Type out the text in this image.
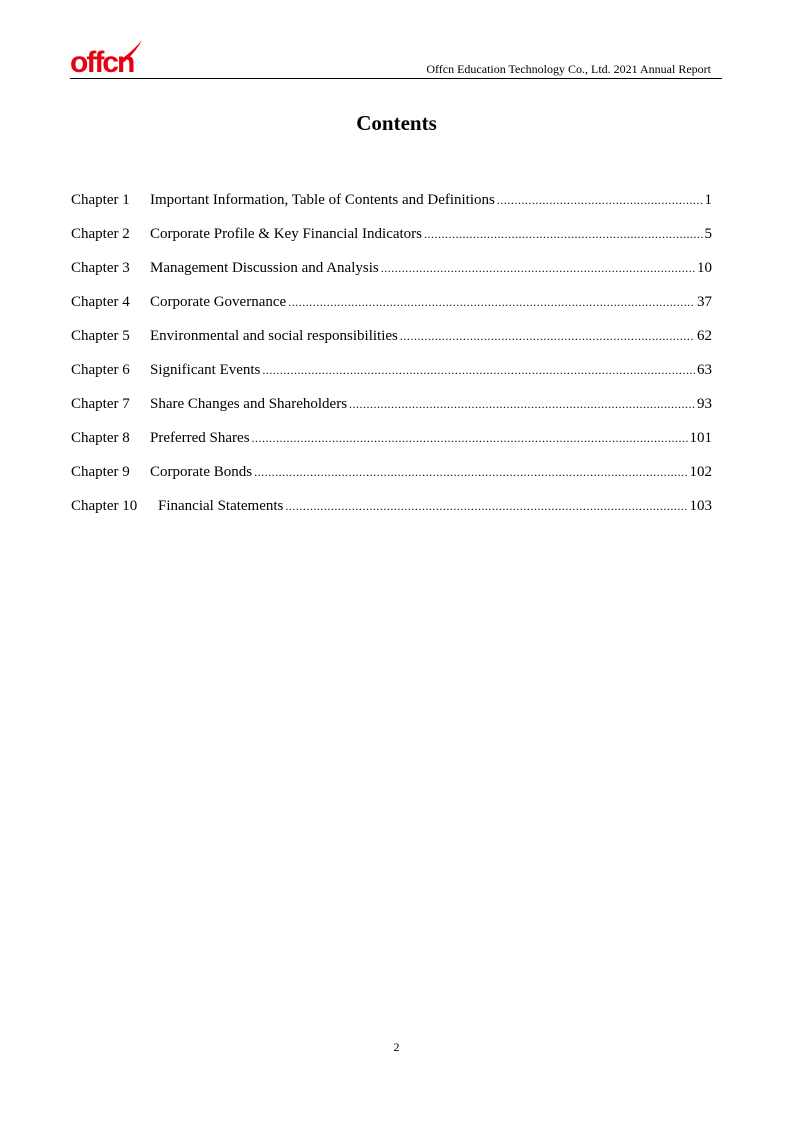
offcn	Offcn Education Technology Co., Ltd. 2021 Annual Report
Contents
Chapter 1	Important Information, Table of Contents and Definitions .....	1
Chapter 2	Corporate Profile & Key Financial Indicators .....	5
Chapter 3	Management Discussion and Analysis .....	10
Chapter 4	Corporate Governance .....	37
Chapter 5	Environmental and social responsibilities .....	62
Chapter 6	Significant Events .....	63
Chapter 7	Share Changes and Shareholders .....	93
Chapter 8	Preferred Shares .....	101
Chapter 9	Corporate Bonds .....	102
Chapter 10	Financial Statements .....	103
2
